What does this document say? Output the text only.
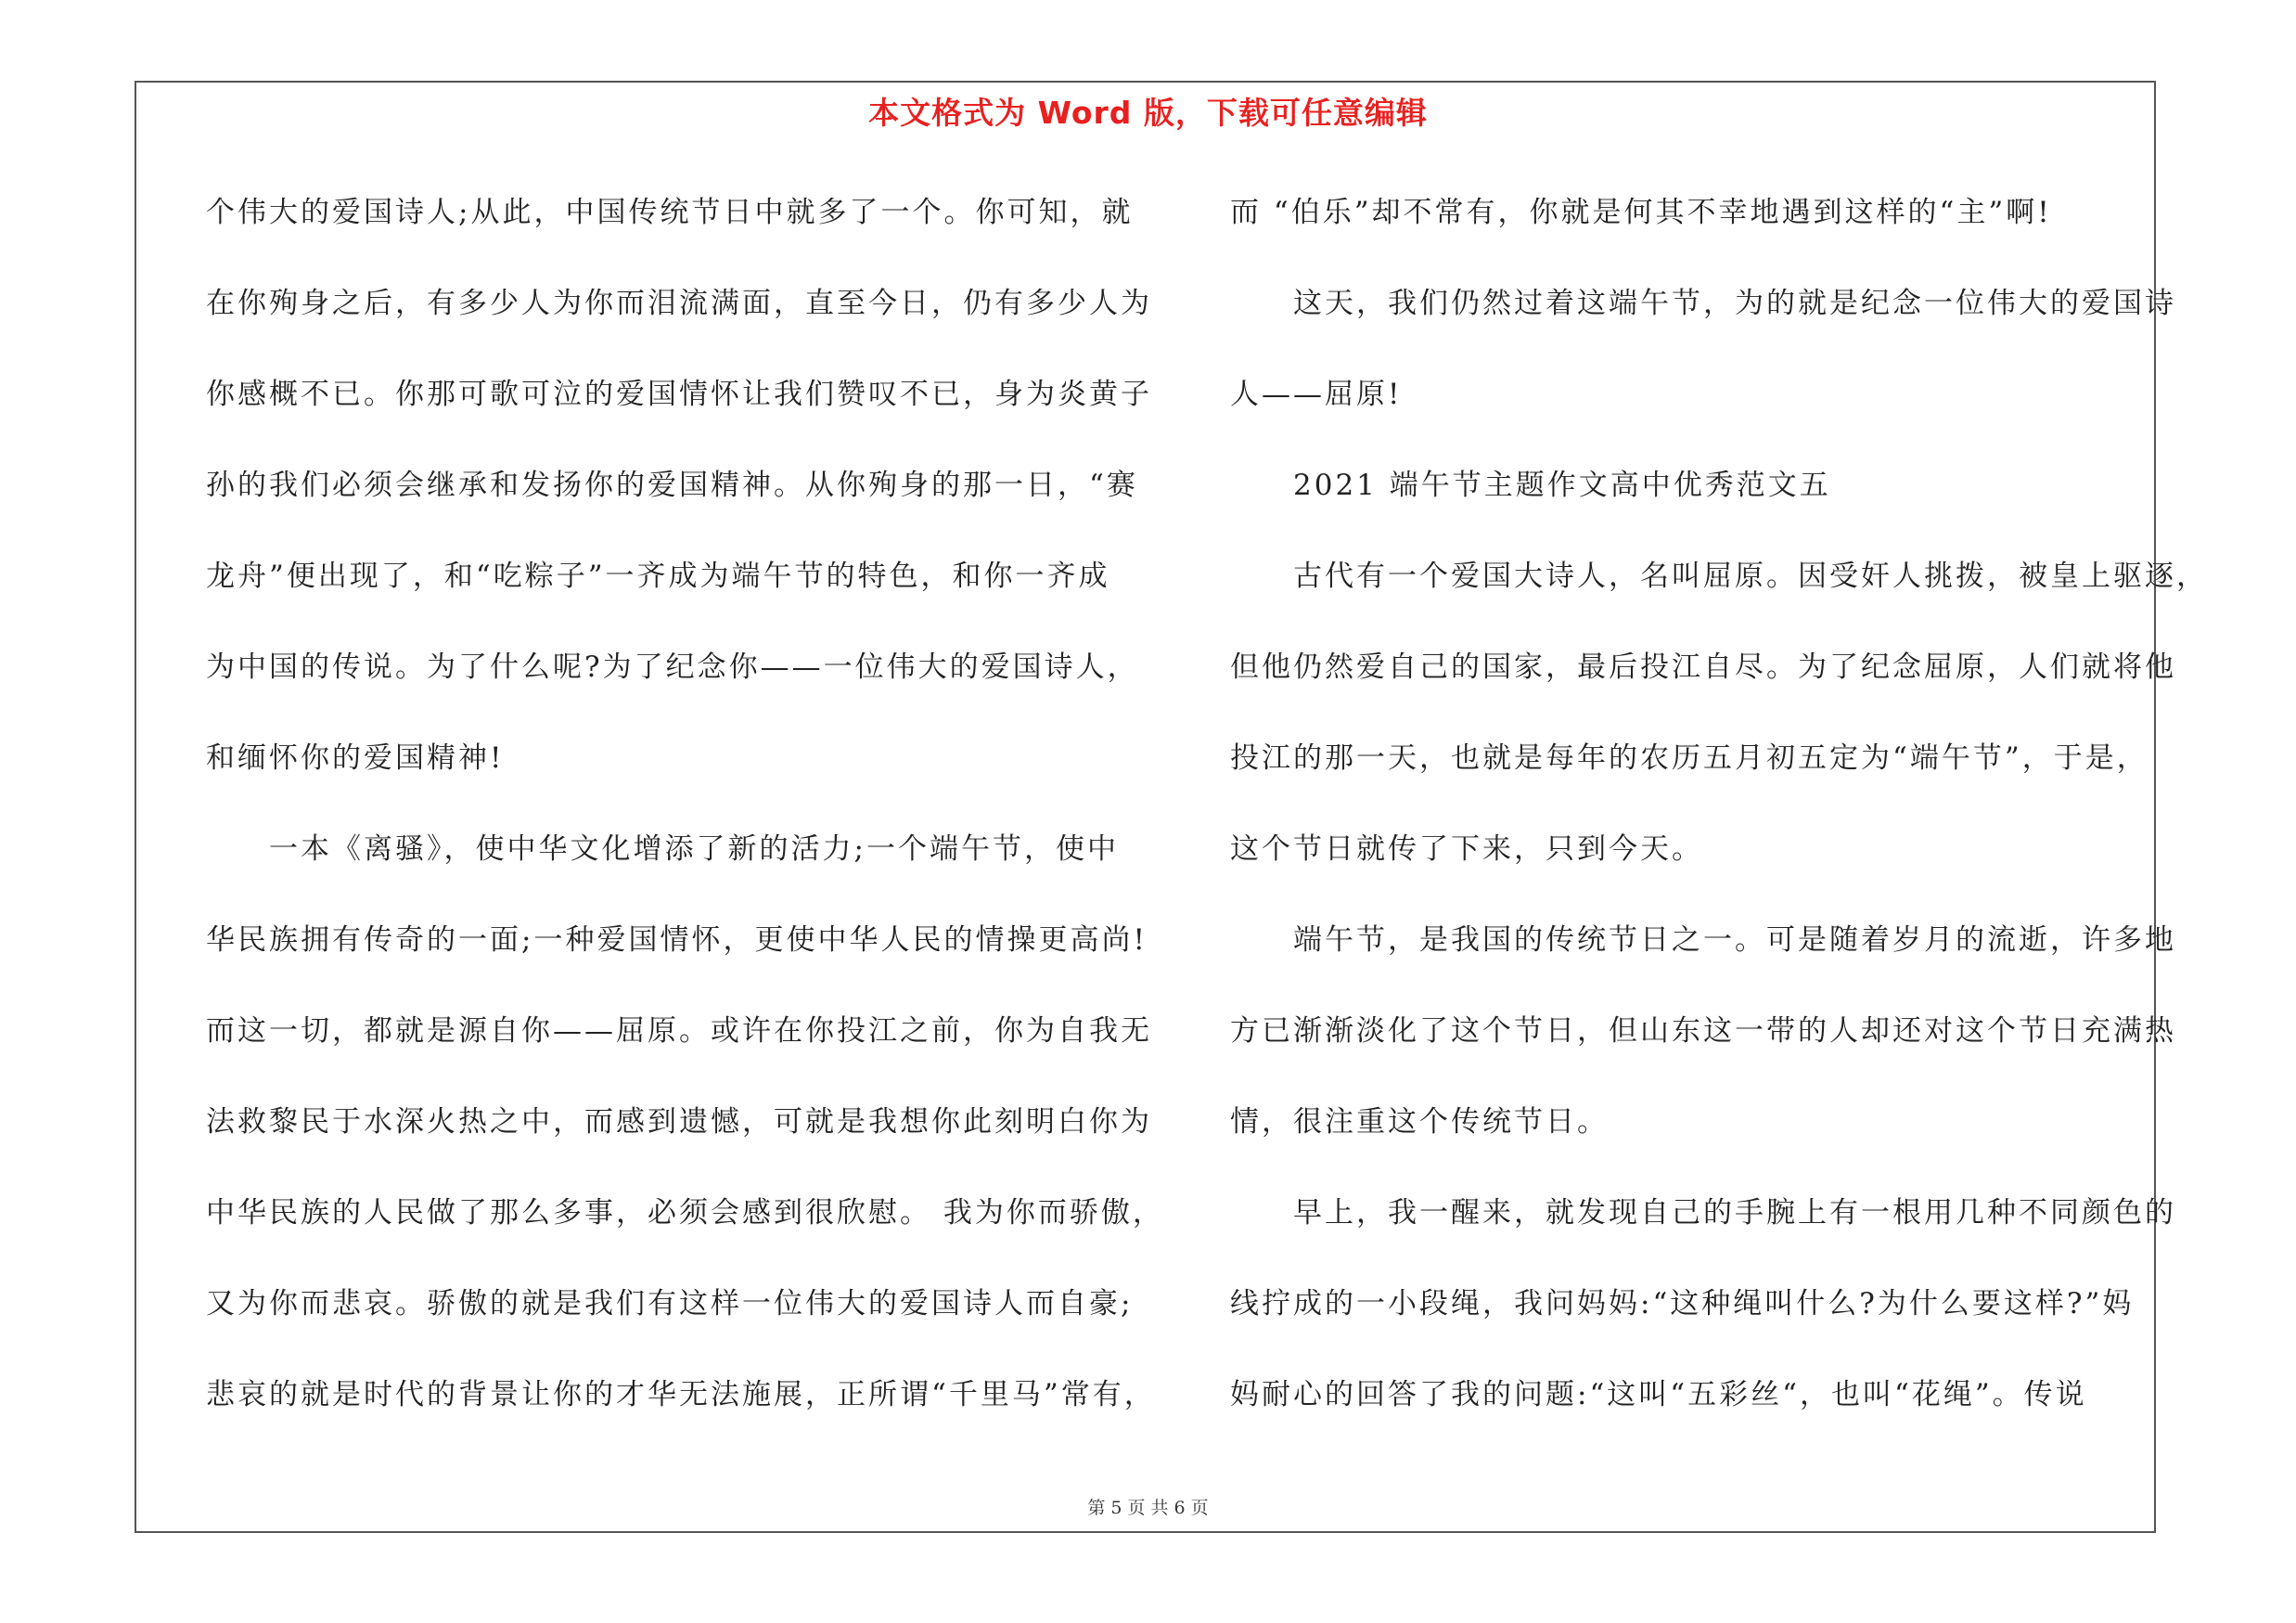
本文格式为 Word 版，下载可任意编辑
个伟大的爱国诗人;从此，中国传统节日中就多了一个。你可知，就
在你殉身之后，有多少人为你而泪流满面，直至今日，仍有多少人为
你感概不已。你那可歌可泣的爱国情怀让我们赞叹不已，身为炎黄子
孙的我们必须会继承和发扬你的爱国精神。从你殉身的那一日，“赛
龙舟”便出现了，和“吃粽子”一齐成为端午节的特色，和你一齐成
为中国的传说。为了什么呢?为了纪念你——一位伟大的爱国诗人，
和缅怀你的爱国精神!
一本《离骚》，使中华文化增添了新的活力;一个端午节，使中
华民族拥有传奇的一面;一种爱国情怀，更使中华人民的情操更高尚!
而这一切，都就是源自你——屈原。或许在你投江之前，你为自我无
法救黎民于水深火热之中，而感到遗憾，可就是我想你此刻明白你为
中华民族的人民做了那么多事，必须会感到很欣慰。 我为你而骄傲，
又为你而悲哀。骄傲的就是我们有这样一位伟大的爱国诗人而自豪;
悲哀的就是时代的背景让你的才华无法施展，正所谓“千里马”常有，
而 “伯乐”却不常有，你就是何其不幸地遇到这样的“主”啊!
这天，我们仍然过着这端午节，为的就是纪念一位伟大的爱国诗
人——屈原!
2021 端午节主题作文高中优秀范文五
古代有一个爱国大诗人，名叫屈原。因受奸人挑拨，被皇上驱逐，
但他仍然爱自己的国家，最后投江自尽。为了纪念屈原，人们就将他
投江的那一天，也就是每年的农历五月初五定为“端午节”，于是，
这个节日就传了下来，只到今天。
端午节，是我国的传统节日之一。可是随着岁月的流逝，许多地
方已渐渐淡化了这个节日，但山东这一带的人却还对这个节日充满热
情，很注重这个传统节日。
早上，我一醒来，就发现自己的手腕上有一根用几种不同颜色的
线拧成的一小段绳，我问妈妈:“这种绳叫什么?为什么要这样?”妈
妈耐心的回答了我的问题:“这叫“五彩丝“，也叫“花绳”。传说
第 5 页 共 6 页
